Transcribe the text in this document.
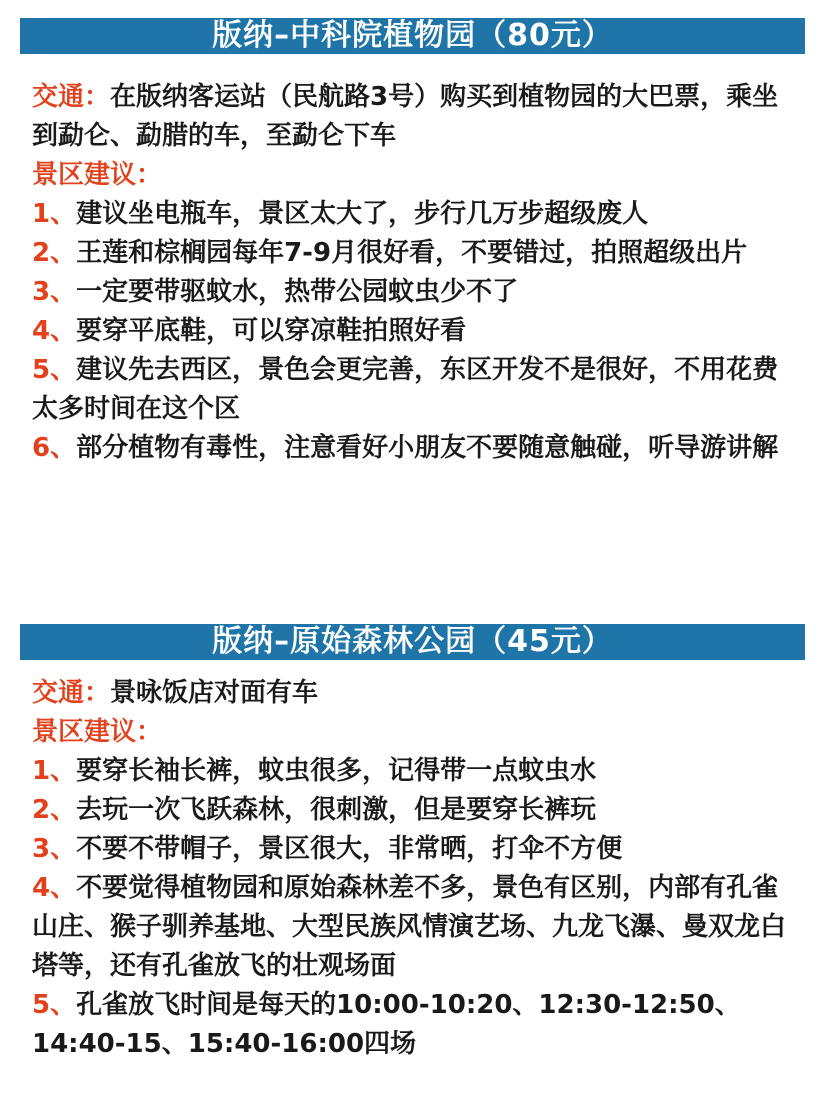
版纳–中科院植物园（80元）

交通：在版纳客运站（民航路3号）购买到植物园的大巴票，乘坐到勐仑、勐腊的车，至勐仑下车

景区建议：

1、建议坐电瓶车，景区太大了，步行几万步超级废人

2、王莲和棕榈园每年7-9月很好看，不要错过，拍照超级出片

3、一定要带驱蚊水，热带公园蚊虫少不了

4、要穿平底鞋，可以穿凉鞋拍照好看

5、建议先去西区，景色会更完善，东区开发不是很好，不用花费太多时间在这个区

6、部分植物有毒性，注意看好小朋友不要随意触碰，听导游讲解

版纳–原始森林公园（45元）

交通：景咏饭店对面有车

景区建议：

1、要穿长袖长裤，蚊虫很多，记得带一点蚊虫水

2、去玩一次飞跃森林，很刺激，但是要穿长裤玩

3、不要不带帽子，景区很大，非常晒，打伞不方便

4、不要觉得植物园和原始森林差不多，景色有区别，内部有孔雀山庄、猴子驯养基地、大型民族风情演艺场、九龙飞瀑、曼双龙白塔等，还有孔雀放飞的壮观场面

5、孔雀放飞时间是每天的10:00-10:20、12:30-12:50、14:40-15、15:40-16:00四场
